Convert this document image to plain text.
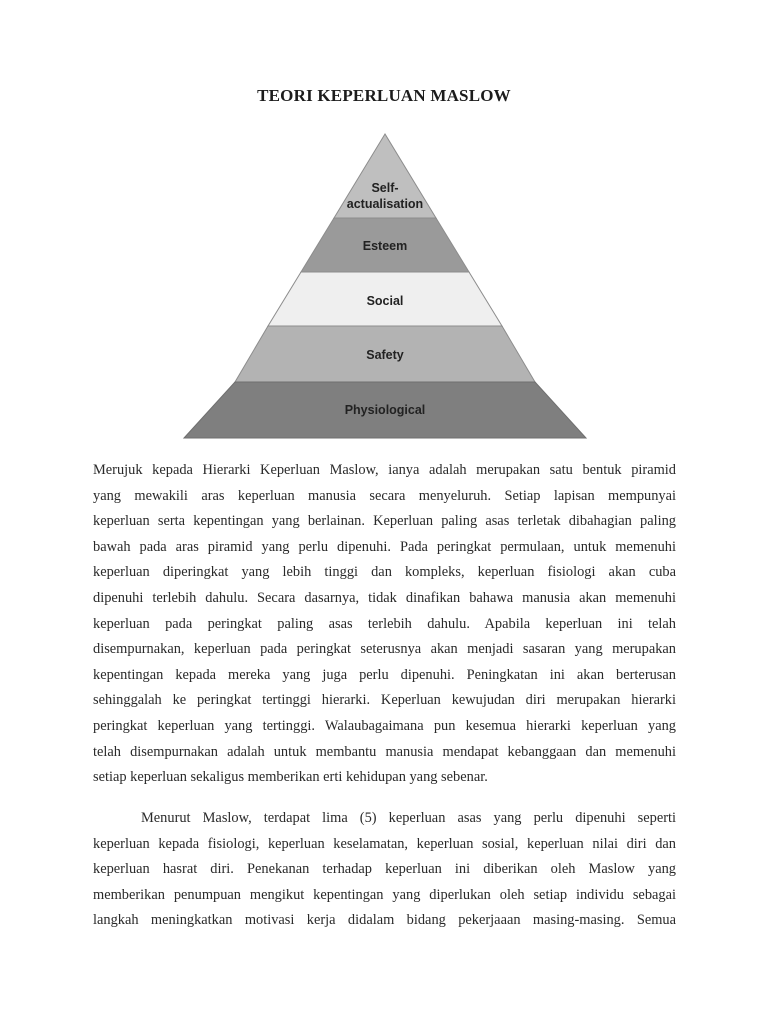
TEORI KEPERLUAN MASLOW
Self-
actualisation
Esteem
Social
Safety
Physiological
Merujuk kepada Hierarki Keperluan Maslow, ianya adalah merupakan satu bentuk piramid
yang mewakili aras keperluan manusia secara menyeluruh. Setiap lapisan mempunyai
keperluan serta kepentingan yang berlainan. Keperluan paling asas terletak dibahagian paling
bawah pada aras piramid yang perlu dipenuhi. Pada peringkat permulaan, untuk memenuhi
keperluan diperingkat yang lebih tinggi dan kompleks, keperluan fisiologi akan cuba
dipenuhi terlebih dahulu. Secara dasarnya, tidak dinafikan bahawa manusia akan memenuhi
keperluan pada peringkat paling asas terlebih dahulu. Apabila keperluan ini telah
disempurnakan, keperluan pada peringkat seterusnya akan menjadi sasaran yang merupakan
kepentingan kepada mereka yang juga perlu dipenuhi. Peningkatan ini akan berterusan
sehinggalah ke peringkat tertinggi hierarki. Keperluan kewujudan diri merupakan hierarki
peringkat keperluan yang tertinggi. Walaubagaimana pun kesemua hierarki keperluan yang
telah disempurnakan adalah untuk membantu manusia mendapat kebanggaan dan memenuhi
setiap keperluan sekaligus memberikan erti kehidupan yang sebenar.
Menurut Maslow, terdapat lima (5) keperluan asas yang perlu dipenuhi seperti
keperluan kepada fisiologi, keperluan keselamatan, keperluan sosial, keperluan nilai diri dan
keperluan hasrat diri. Penekanan terhadap keperluan ini diberikan oleh Maslow yang
memberikan penumpuan mengikut kepentingan yang diperlukan oleh setiap individu sebagai
langkah meningkatkan motivasi kerja didalam bidang pekerjaaan masing-masing. Semua
